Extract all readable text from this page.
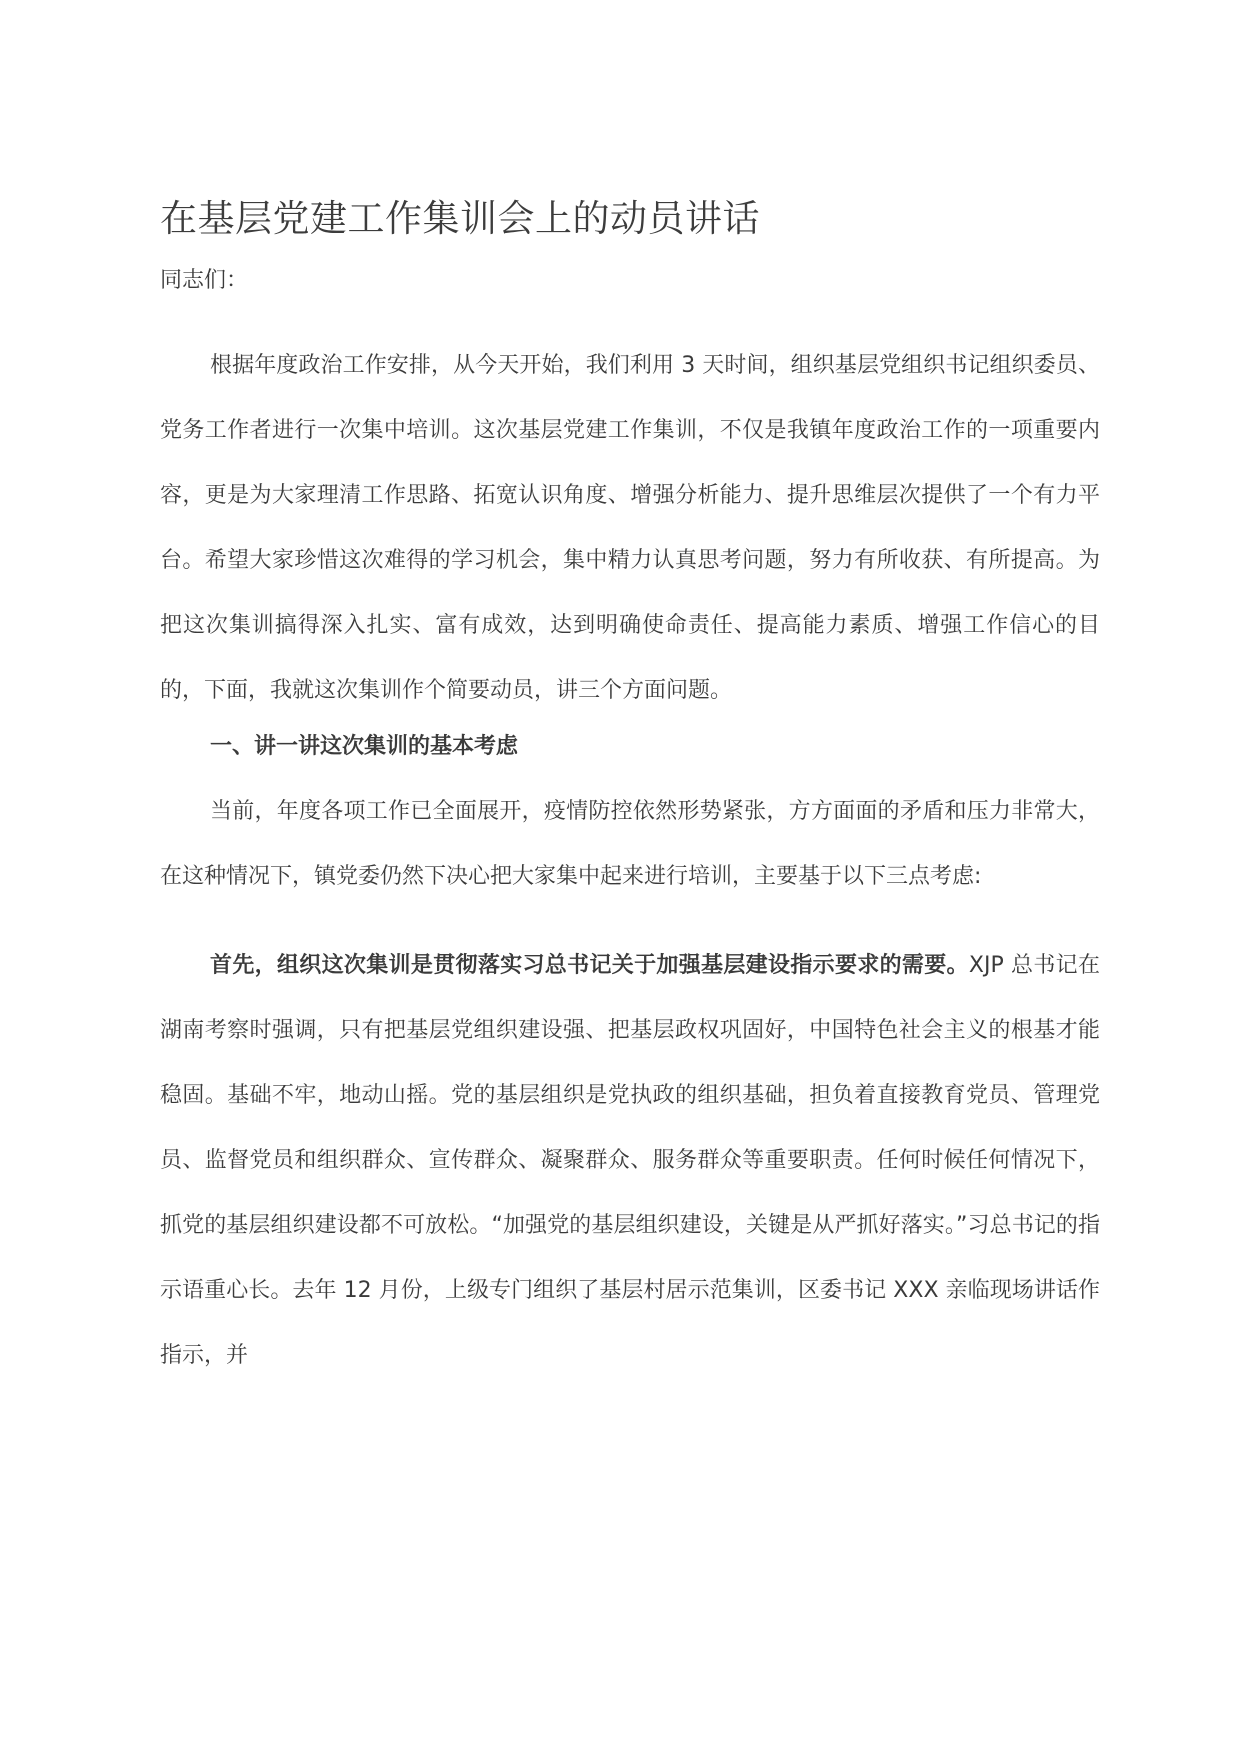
在基层党建工作集训会上的动员讲话

同志们：

根据年度政治工作安排，从今天开始，我们利用 3 天时间，组织基层党组织书记组织委员、党务工作者进行一次集中培训。这次基层党建工作集训，不仅是我镇年度政治工作的一项重要内容，更是为大家理清工作思路、拓宽认识角度、增强分析能力、提升思维层次提供了一个有力平台。希望大家珍惜这次难得的学习机会，集中精力认真思考问题，努力有所收获、有所提高。为把这次集训搞得深入扎实、富有成效，达到明确使命责任、提高能力素质、增强工作信心的目的，下面，我就这次集训作个简要动员，讲三个方面问题。

一、讲一讲这次集训的基本考虑

当前，年度各项工作已全面展开，疫情防控依然形势紧张，方方面面的矛盾和压力非常大，在这种情况下，镇党委仍然下决心把大家集中起来进行培训，主要基于以下三点考虑:

首先，组织这次集训是贯彻落实习总书记关于加强基层建设指示要求的需要。XJP 总书记在湖南考察时强调，只有把基层党组织建设强、把基层政权巩固好，中国特色社会主义的根基才能稳固。基础不牢，地动山摇。党的基层组织是党执政的组织基础，担负着直接教育党员、管理党员、监督党员和组织群众、宣传群众、凝聚群众、服务群众等重要职责。任何时候任何情况下，抓党的基层组织建设都不可放松。“加强党的基层组织建设，关键是从严抓好落实。”习总书记的指示语重心长。去年 12 月份，上级专门组织了基层村居示范集训，区委书记 XXX 亲临现场讲话作指示，并
